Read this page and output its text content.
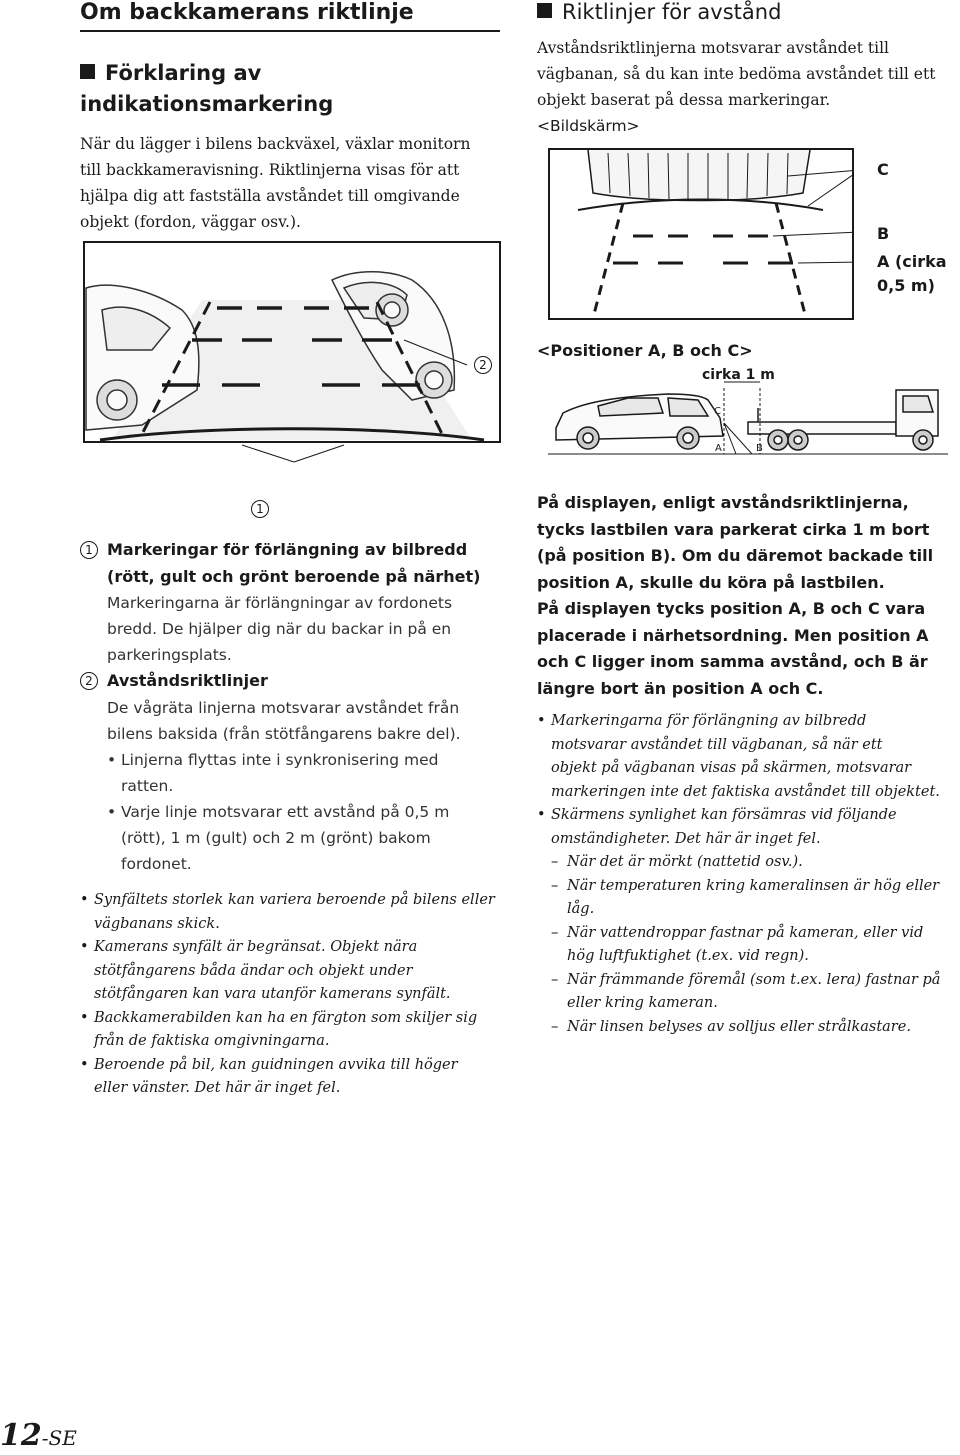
Om backkamerans riktlinje
Förklaring av indikationsmarkering
När du lägger i bilens backväxel, växlar monitorn
till backkameravisning. Riktlinjerna visas för att
hjälpa dig att fastställa avståndet till omgivande
objekt (fordon, väggar osv.).
2
1
1 Markeringar för förlängning av bilbredd
(rött, gult och grönt beroende på närhet)
Markeringarna är förlängningar av fordonets
bredd. De hjälper dig när du backar in på en
parkeringsplats.
2 Avståndsriktlinjer
De vågräta linjerna motsvarar avståndet från
bilens baksida (från stötfångarens bakre del).
• Linjerna flyttas inte i synkronisering med
ratten.
• Varje linje motsvarar ett avstånd på 0,5 m
(rött), 1 m (gult) och 2 m (grönt) bakom
fordonet.
• Synfältets storlek kan variera beroende på bilens eller
vägbanans skick.
• Kamerans synfält är begränsat. Objekt nära
stötfångarens båda ändar och objekt under
stötfångaren kan vara utanför kamerans synfält.
• Backkamerabilden kan ha en färgton som skiljer sig
från de faktiska omgivningarna.
• Beroende på bil, kan guidningen avvika till höger
eller vänster. Det här är inget fel.
Riktlinjer för avstånd
Avståndsriktlinjerna motsvarar avståndet till
vägbanan, så du kan inte bedöma avståndet till ett
objekt baserat på dessa markeringar.
<Bildskärm>
C
B
A (cirka
0,5 m)
<Positioner A, B och C>
cirka 1 m
C
A	B
På displayen, enligt avståndsriktlinjerna,
tycks lastbilen vara parkerat cirka 1 m bort
(på position B). Om du däremot backade till
position A, skulle du köra på lastbilen.
På displayen tycks position A, B och C vara
placerade i närhetsordning. Men position A
och C ligger inom samma avstånd, och B är
längre bort än position A och C.
• Markeringarna för förlängning av bilbredd
motsvarar avståndet till vägbanan, så när ett
objekt på vägbanan visas på skärmen, motsvarar
markeringen inte det faktiska avståndet till objektet.
• Skärmens synlighet kan försämras vid följande
omständigheter. Det här är inget fel.
– När det är mörkt (nattetid osv.).
– När temperaturen kring kameralinsen är hög eller
låg.
– När vattendroppar fastnar på kameran, eller vid
hög luftfuktighet (t.ex. vid regn).
– När främmande föremål (som t.ex. lera) fastnar på
eller kring kameran.
– När linsen belyses av solljus eller strålkastare.
12-SE
